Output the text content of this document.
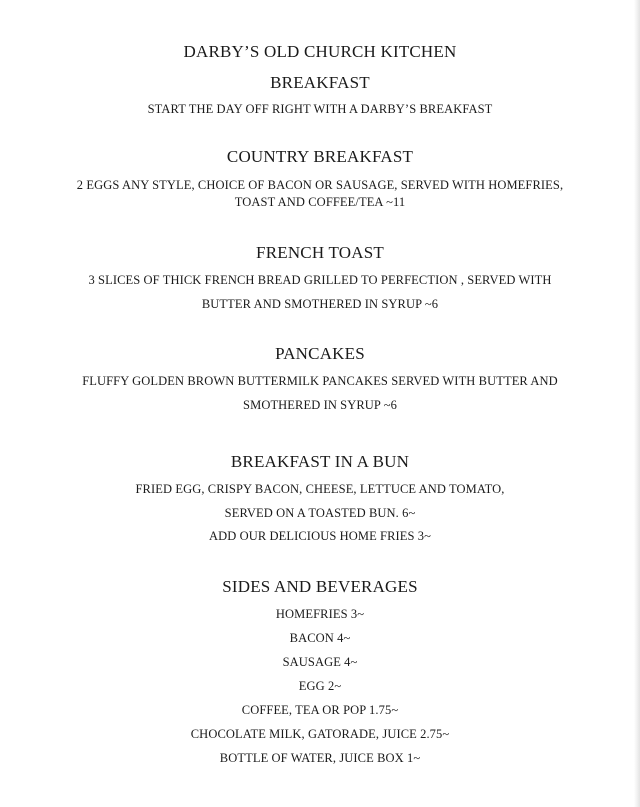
DARBY’S OLD CHURCH KITCHEN
BREAKFAST
START THE DAY OFF RIGHT WITH A DARBY’S BREAKFAST
COUNTRY BREAKFAST
2 EGGS ANY STYLE, CHOICE OF BACON OR SAUSAGE, SERVED WITH HOMEFRIES,
TOAST AND COFFEE/TEA ~11
FRENCH TOAST
3 SLICES OF THICK FRENCH BREAD GRILLED TO PERFECTION , SERVED WITH
BUTTER AND SMOTHERED IN SYRUP ~6
PANCAKES
FLUFFY GOLDEN BROWN BUTTERMILK PANCAKES SERVED WITH BUTTER AND
SMOTHERED IN SYRUP ~6
BREAKFAST IN A BUN
FRIED EGG, CRISPY BACON, CHEESE, LETTUCE AND TOMATO,
SERVED ON A TOASTED BUN. 6~
ADD OUR DELICIOUS HOME FRIES 3~
SIDES AND BEVERAGES
HOMEFRIES 3~
BACON 4~
SAUSAGE 4~
EGG 2~
COFFEE, TEA OR POP 1.75~
CHOCOLATE MILK, GATORADE, JUICE 2.75~
BOTTLE OF WATER, JUICE BOX 1~
